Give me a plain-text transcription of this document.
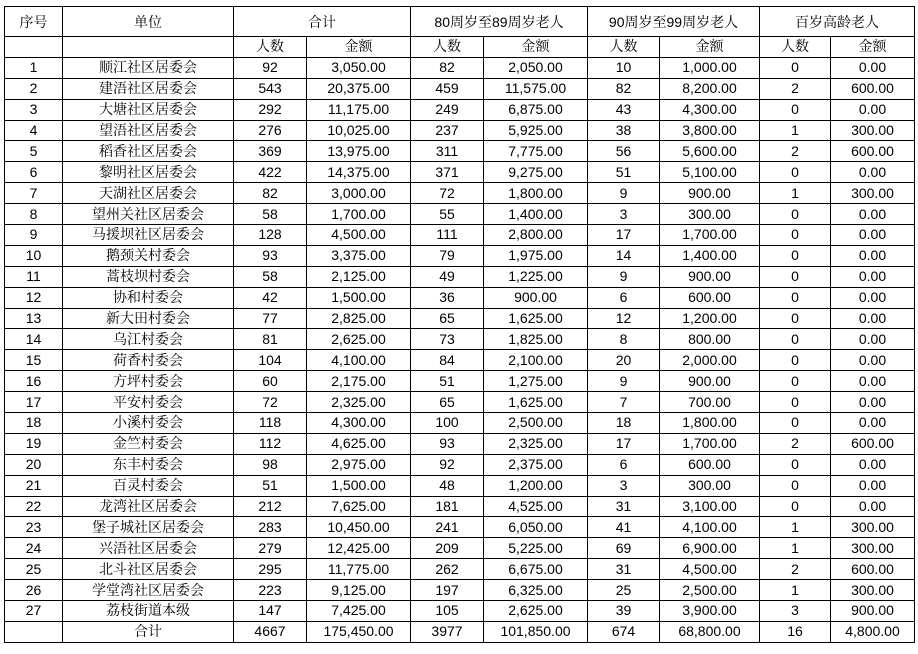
序号	单位	合计		80周岁至89周岁老人		90周岁至99周岁老人		百岁高龄老人	
		人数	金额	人数	金额	人数	金额	人数	金额
1	顺江社区居委会	92	3,050.00	82	2,050.00	10	1,000.00	0	0.00
2	建浯社区居委会	543	20,375.00	459	11,575.00	82	8,200.00	2	600.00
3	大塘社区居委会	292	11,175.00	249	6,875.00	43	4,300.00	0	0.00
4	望浯社区居委会	276	10,025.00	237	5,925.00	38	3,800.00	1	300.00
5	稻香社区居委会	369	13,975.00	311	7,775.00	56	5,600.00	2	600.00
6	黎明社区居委会	422	14,375.00	371	9,275.00	51	5,100.00	0	0.00
7	天湖社区居委会	82	3,000.00	72	1,800.00	9	900.00	1	300.00
8	望州关社区居委会	58	1,700.00	55	1,400.00	3	300.00	0	0.00
9	马援坝社区居委会	128	4,500.00	111	2,800.00	17	1,700.00	0	0.00
10	鹅颈关村委会	93	3,375.00	79	1,975.00	14	1,400.00	0	0.00
11	蒿枝坝村委会	58	2,125.00	49	1,225.00	9	900.00	0	0.00
12	协和村委会	42	1,500.00	36	900.00	6	600.00	0	0.00
13	新大田村委会	77	2,825.00	65	1,625.00	12	1,200.00	0	0.00
14	乌江村委会	81	2,625.00	73	1,825.00	8	800.00	0	0.00
15	荷香村委会	104	4,100.00	84	2,100.00	20	2,000.00	0	0.00
16	方坪村委会	60	2,175.00	51	1,275.00	9	900.00	0	0.00
17	平安村委会	72	2,325.00	65	1,625.00	7	700.00	0	0.00
18	小溪村委会	118	4,300.00	100	2,500.00	18	1,800.00	0	0.00
19	金竺村委会	112	4,625.00	93	2,325.00	17	1,700.00	2	600.00
20	东丰村委会	98	2,975.00	92	2,375.00	6	600.00	0	0.00
21	百灵村委会	51	1,500.00	48	1,200.00	3	300.00	0	0.00
22	龙湾社区居委会	212	7,625.00	181	4,525.00	31	3,100.00	0	0.00
23	堡子城社区居委会	283	10,450.00	241	6,050.00	41	4,100.00	1	300.00
24	兴浯社区居委会	279	12,425.00	209	5,225.00	69	6,900.00	1	300.00
25	北斗社区居委会	295	11,775.00	262	6,675.00	31	4,500.00	2	600.00
26	学堂湾社区居委会	223	9,125.00	197	6,325.00	25	2,500.00	1	300.00
27	荔枝街道本级	147	7,425.00	105	2,625.00	39	3,900.00	3	900.00
	合计	4667	175,450.00	3977	101,850.00	674	68,800.00	16	4,800.00
